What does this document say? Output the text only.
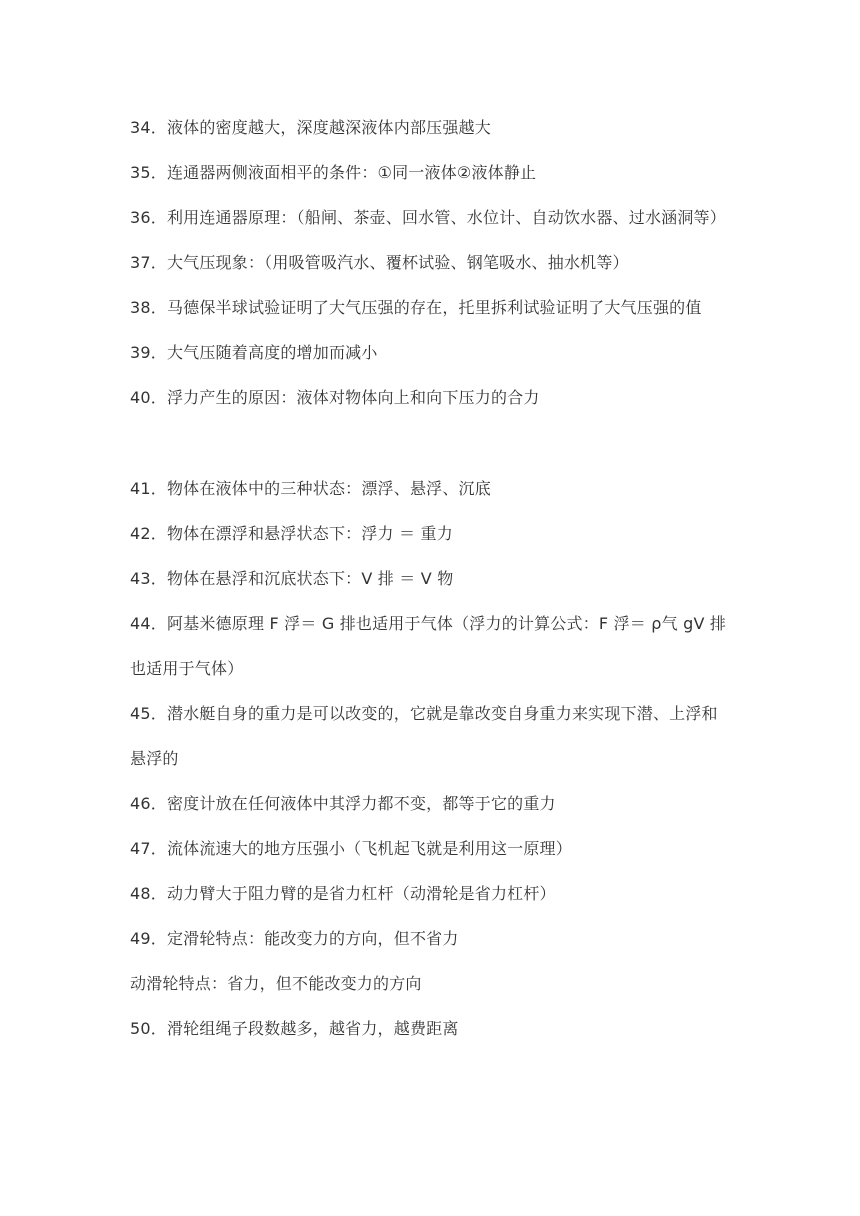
34．液体的密度越大，深度越深液体内部压强越大
35．连通器两侧液面相平的条件：①同一液体②液体静止
36．利用连通器原理：（船闸、茶壶、回水管、水位计、自动饮水器、过水涵洞等）
37．大气压现象：（用吸管吸汽水、覆杯试验、钢笔吸水、抽水机等）
38．马德保半球试验证明了大气压强的存在，托里拆利试验证明了大气压强的值
39．大气压随着高度的增加而减小
40．浮力产生的原因：液体对物体向上和向下压力的合力
41．物体在液体中的三种状态：漂浮、悬浮、沉底
42．物体在漂浮和悬浮状态下：浮力 ＝ 重力
43．物体在悬浮和沉底状态下：V 排 ＝ V 物
44．阿基米德原理 F 浮＝ G 排也适用于气体（浮力的计算公式：F 浮＝ ρ气 gV 排
也适用于气体）
45．潜水艇自身的重力是可以改变的，它就是靠改变自身重力来实现下潜、上浮和
悬浮的
46．密度计放在任何液体中其浮力都不变，都等于它的重力
47．流体流速大的地方压强小（飞机起飞就是利用这一原理）
48．动力臂大于阻力臂的是省力杠杆（动滑轮是省力杠杆）
49．定滑轮特点：能改变力的方向，但不省力
动滑轮特点：省力，但不能改变力的方向
50．滑轮组绳子段数越多，越省力，越费距离
